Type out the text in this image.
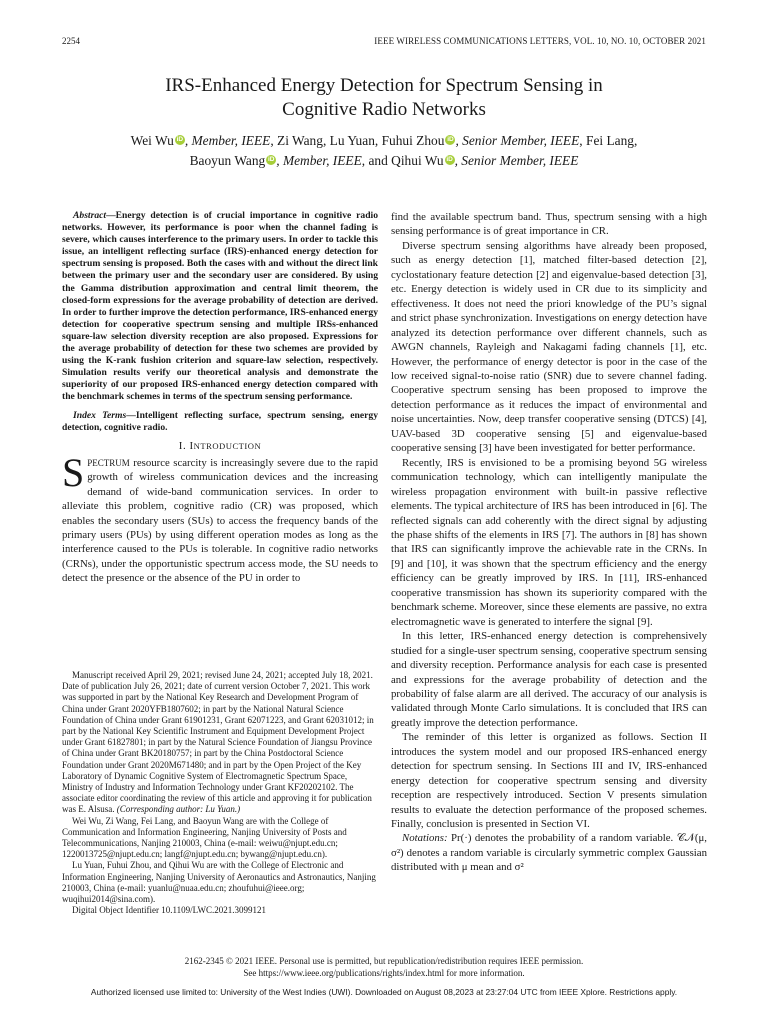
2254	IEEE WIRELESS COMMUNICATIONS LETTERS, VOL. 10, NO. 10, OCTOBER 2021
IRS-Enhanced Energy Detection for Spectrum Sensing in
Cognitive Radio Networks
Wei Wu iD , Member, IEEE, Zi Wang, Lu Yuan, Fuhui Zhou iD , Senior Member, IEEE, Fei Lang,
Baoyun Wang iD , Member, IEEE, and Qihui Wu iD , Senior Member, IEEE

Abstract—Energy detection is of crucial importance in cognitive radio networks. However, its performance is poor when the channel fading is severe, which causes interference to the primary users. In order to tackle this issue, an intelligent reflecting surface (IRS)-enhanced energy detection for spectrum sensing is proposed. Both the cases with and without the direct link between the primary user and the secondary user are considered. By using the Gamma distribution approximation and central limit theorem, the closed-form expressions for the average probability of detection are derived. In order to further improve the detection performance, IRS-enhanced energy detection for cooperative spectrum sensing and multiple IRSs-enhanced square-law selection diversity reception are also proposed. Expressions for the average probability of detection for these two schemes are provided by using the K-rank fushion criterion and square-law selection, respectively. Simulation results verify our theoretical analysis and demonstrate the superiority of our proposed IRS-enhanced energy detection compared with the benchmark schemes in terms of the spectrum sensing performance.

Index Terms—Intelligent reflecting surface, spectrum sensing, energy detection, cognitive radio.

I. INTRODUCTION

SPECTRUM resource scarcity is increasingly severe due to the rapid growth of wireless communication devices and the increasing demand of wide-band communication services. In order to alleviate this problem, cognitive radio (CR) was proposed, which enables the secondary users (SUs) to access the frequency bands of the primary users (PUs) by using different operation modes as long as the interference caused to the PUs is tolerable. In cognitive radio networks (CRNs), under the opportunistic spectrum access mode, the SU needs to detect the presence or the absence of the PU in order to

Manuscript received April 29, 2021; revised June 24, 2021; accepted July 18, 2021. Date of publication July 26, 2021; date of current version October 7, 2021. This work was supported in part by the National Key Research and Development Program of China under Grant 2020YFB1807602; in part by the National Natural Science Foundation of China under Grant 61901231, Grant 62071223, and Grant 62031012; in part by the National Key Scientific Instrument and Equipment Development Project under Grant 61827801; in part by the Natural Science Foundation of Jiangsu Province of China under Grant BK20180757; in part by the China Postdoctoral Science Foundation under Grant 2020M671480; and in part by the Open Project of the Key Laboratory of Dynamic Cognitive System of Electromagnetic Spectrum Space, Ministry of Industry and Information Technology under Grant KF20202102. The associate editor coordinating the review of this article and approving it for publication was E. Alsusa. (Corresponding author: Lu Yuan.)

Wei Wu, Zi Wang, Fei Lang, and Baoyun Wang are with the College of Communication and Information Engineering, Nanjing University of Posts and Telecommunications, Nanjing 210003, China (e-mail: weiwu@njupt.edu.cn; 1220013725@njupt.edu.cn; langf@njupt.edu.cn; bywang@njupt.edu.cn).

Lu Yuan, Fuhui Zhou, and Qihui Wu are with the College of Electronic and Information Engineering, Nanjing University of Aeronautics and Astronautics, Nanjing 210003, China (e-mail: yuanlu@nuaa.edu.cn; zhoufuhui@ieee.org; wuqihui2014@sina.com).

Digital Object Identifier 10.1109/LWC.2021.3099121

find the available spectrum band. Thus, spectrum sensing with a high sensing performance is of great importance in CR.

Diverse spectrum sensing algorithms have already been proposed, such as energy detection [1], matched filter-based detection [2], cyclostationary feature detection [2] and eigenvalue-based detection [3], etc. Energy detection is widely used in CR due to its simplicity and effectiveness. It does not need the priori knowledge of the PU’s signal and strict phase synchronization. Investigations on energy detection have analyzed its detection performance over different channels, such as AWGN channels, Rayleigh and Nakagami fading channels [1], etc. However, the performance of energy detector is poor in the case of the low received signal-to-noise ratio (SNR) due to severe channel fading. Cooperative spectrum sensing has been proposed to improve the detection performance as it reduces the impact of environmental and noise uncertainties. Now, deep transfer cooperative sensing (DTCS) [4], UAV-based 3D cooperative sensing [5] and eigenvalue-based cooperative sensing [3] have been investigated for better performance.

Recently, IRS is envisioned to be a promising beyond 5G wireless communication technology, which can intelligently manipulate the wireless propagation environment with built-in passive reflective elements. The typical architecture of IRS has been introduced in [6]. The reflected signals can add coherently with the direct signal by adjusting the phase shifts of the elements in IRS [7]. The authors in [8] has shown that IRS can significantly improve the achievable rate in the CRNs. In [9] and [10], it was shown that the spectrum efficiency and the energy efficiency can be greatly improved by IRS. In [11], IRS-enhanced cooperative transmission has shown its superiority compared with the benchmark scheme. Moreover, since these elements are passive, no extra electromagnetic wave is generated to interfere the signal [9].

In this letter, IRS-enhanced energy detection is comprehensively studied for a single-user spectrum sensing, cooperative spectrum sensing and diversity reception. Performance analysis for each case is presented and expressions for the average probability of detection and the probability of false alarm are all derived. The accuracy of our analysis is validated through Monte Carlo simulations. It is concluded that IRS can greatly improve the detection performance.

The reminder of this letter is organized as follows. Section II introduces the system model and our proposed IRS-enhanced energy detection for spectrum sensing. In Sections III and IV, IRS-enhanced energy detection for cooperative spectrum sensing and diversity reception are respectively introduced. Section V presents simulation results to evaluate the detection performance of the proposed schemes. Finally, conclusion is presented in Section VI.

Notations: Pr(·) denotes the probability of a random variable. 𝒞𝒩(μ, σ²) denotes a random variable is circularly symmetric complex Gaussian distributed with μ mean and σ²

2162-2345 © 2021 IEEE. Personal use is permitted, but republication/redistribution requires IEEE permission.
See https://www.ieee.org/publications/rights/index.html for more information.
Authorized licensed use limited to: University of the West Indies (UWI). Downloaded on August 08,2023 at 23:27:04 UTC from IEEE Xplore. Restrictions apply.
